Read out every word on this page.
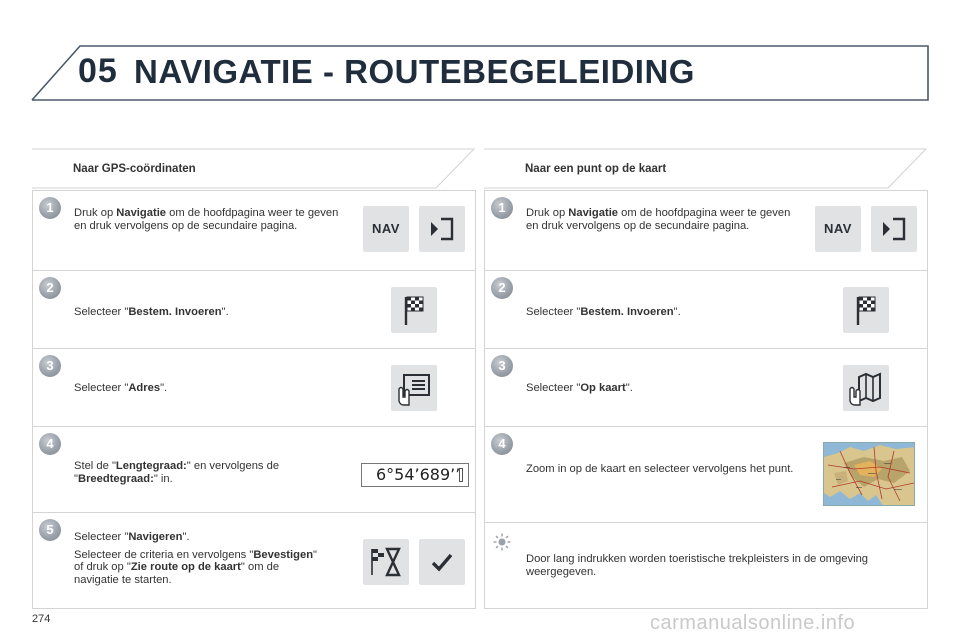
05 NAVIGATIE - ROUTEBEGELEIDING
Naar GPS-coördinaten
1	Druk op Navigatie om de hoofdpagina weer te geven en druk vervolgens op de secundaire pagina.	NAV
2
Selecteer "Bestem. Invoeren".
3
Selecteer "Adres".
4
Stel de "Lengtegraad:" en vervolgens de "Breedtegraad:" in.	6°54’689’’
5	Selecteer "Navigeren".
Selecteer de criteria en vervolgens "Bevestigen" of druk op "Zie route op de kaart" om de navigatie te starten.
Naar een punt op de kaart
1	Druk op Navigatie om de hoofdpagina weer te geven en druk vervolgens op de secundaire pagina.	NAV
2
Selecteer "Bestem. Invoeren".
3
Selecteer "Op kaart".
4
Zoom in op de kaart en selecteer vervolgens het punt.
Door lang indrukken worden toeristische trekpleisters in de omgeving weergegeven.
274	carmanualsonline.info
